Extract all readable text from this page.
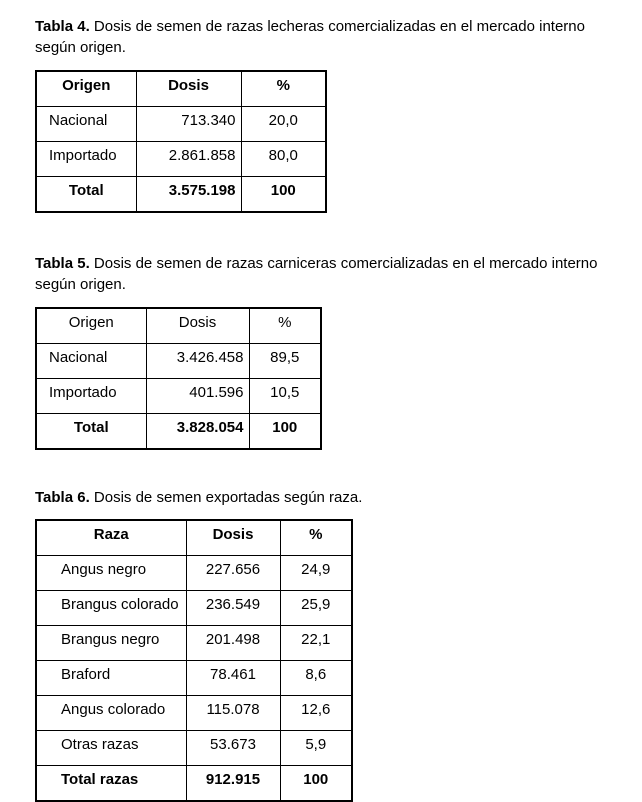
Tabla 4. Dosis de semen de razas lecheras comercializadas en el mercado interno según origen.

Origen	Dosis	%
Nacional	713.340	20,0
Importado	2.861.858	80,0
Total	3.575.198	100

Tabla 5. Dosis de semen de razas carniceras comercializadas en el mercado interno según origen.

Origen	Dosis	%
Nacional	3.426.458	89,5
Importado	401.596	10,5
Total	3.828.054	100

Tabla 6. Dosis de semen exportadas según raza.

Raza	Dosis	%
Angus negro	227.656	24,9
Brangus colorado	236.549	25,9
Brangus negro	201.498	22,1
Braford	78.461	8,6
Angus colorado	115.078	12,6
Otras razas	53.673	5,9
Total razas	912.915	100
